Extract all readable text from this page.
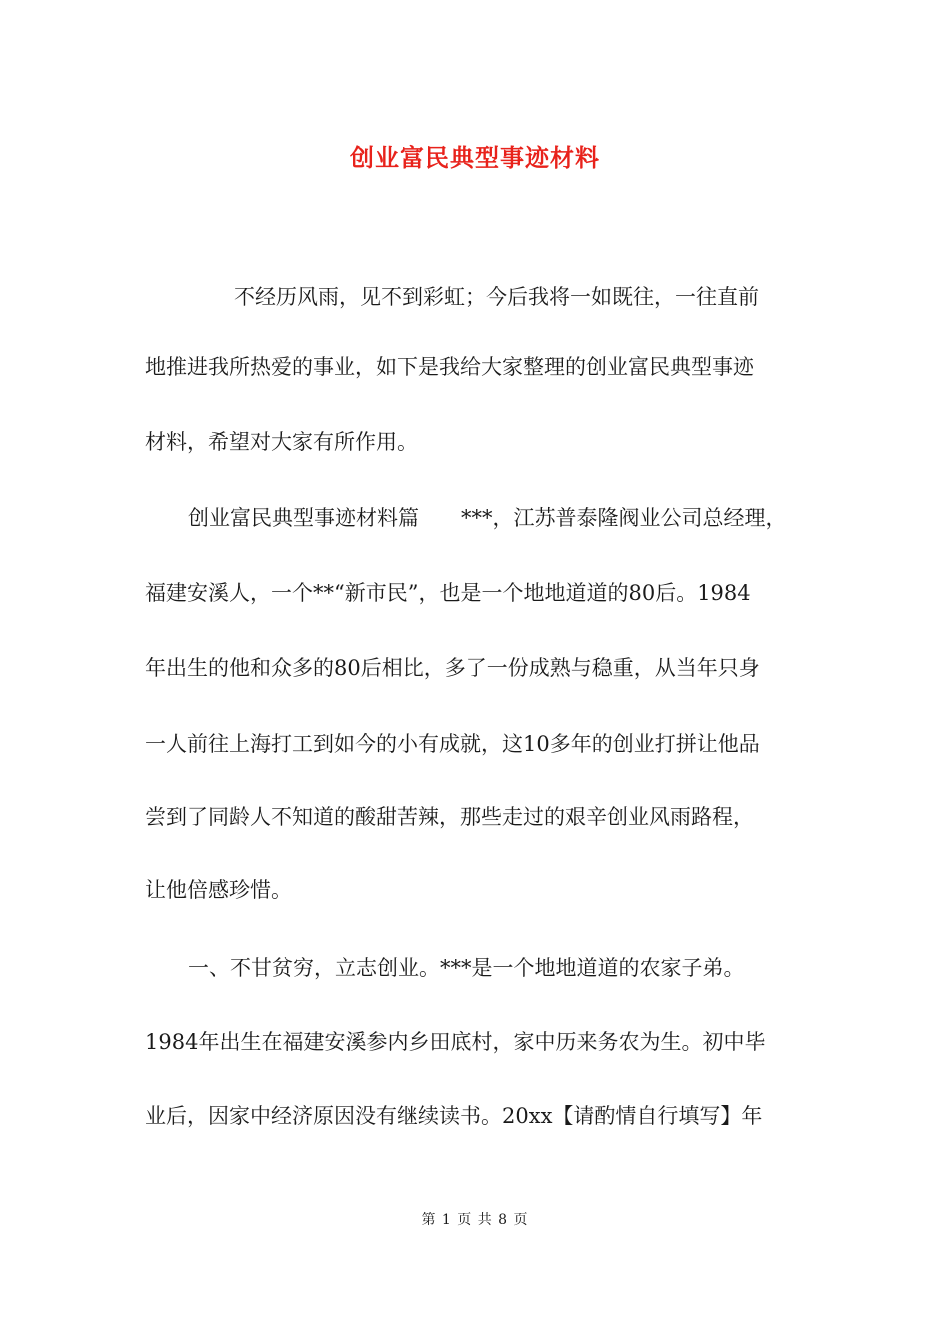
创业富民典型事迹材料
不经历风雨，见不到彩虹；今后我将一如既往，一往直前
地推进我所热爱的事业，如下是我给大家整理的创业富民典型事迹
材料，希望对大家有所作用。
创业富民典型事迹材料篇　　***，江苏普泰隆阀业公司总经理，
福建安溪人，一个**“新市民”，也是一个地地道道的80后。1984
年出生的他和众多的80后相比，多了一份成熟与稳重，从当年只身
一人前往上海打工到如今的小有成就，这10多年的创业打拼让他品
尝到了同龄人不知道的酸甜苦辣，那些走过的艰辛创业风雨路程，
让他倍感珍惜。
一、不甘贫穷，立志创业。***是一个地地道道的农家子弟。
1984年出生在福建安溪参内乡田底村，家中历来务农为生。初中毕
业后，因家中经济原因没有继续读书。20xx【请酌情自行填写】年
第 1 页 共 8 页
